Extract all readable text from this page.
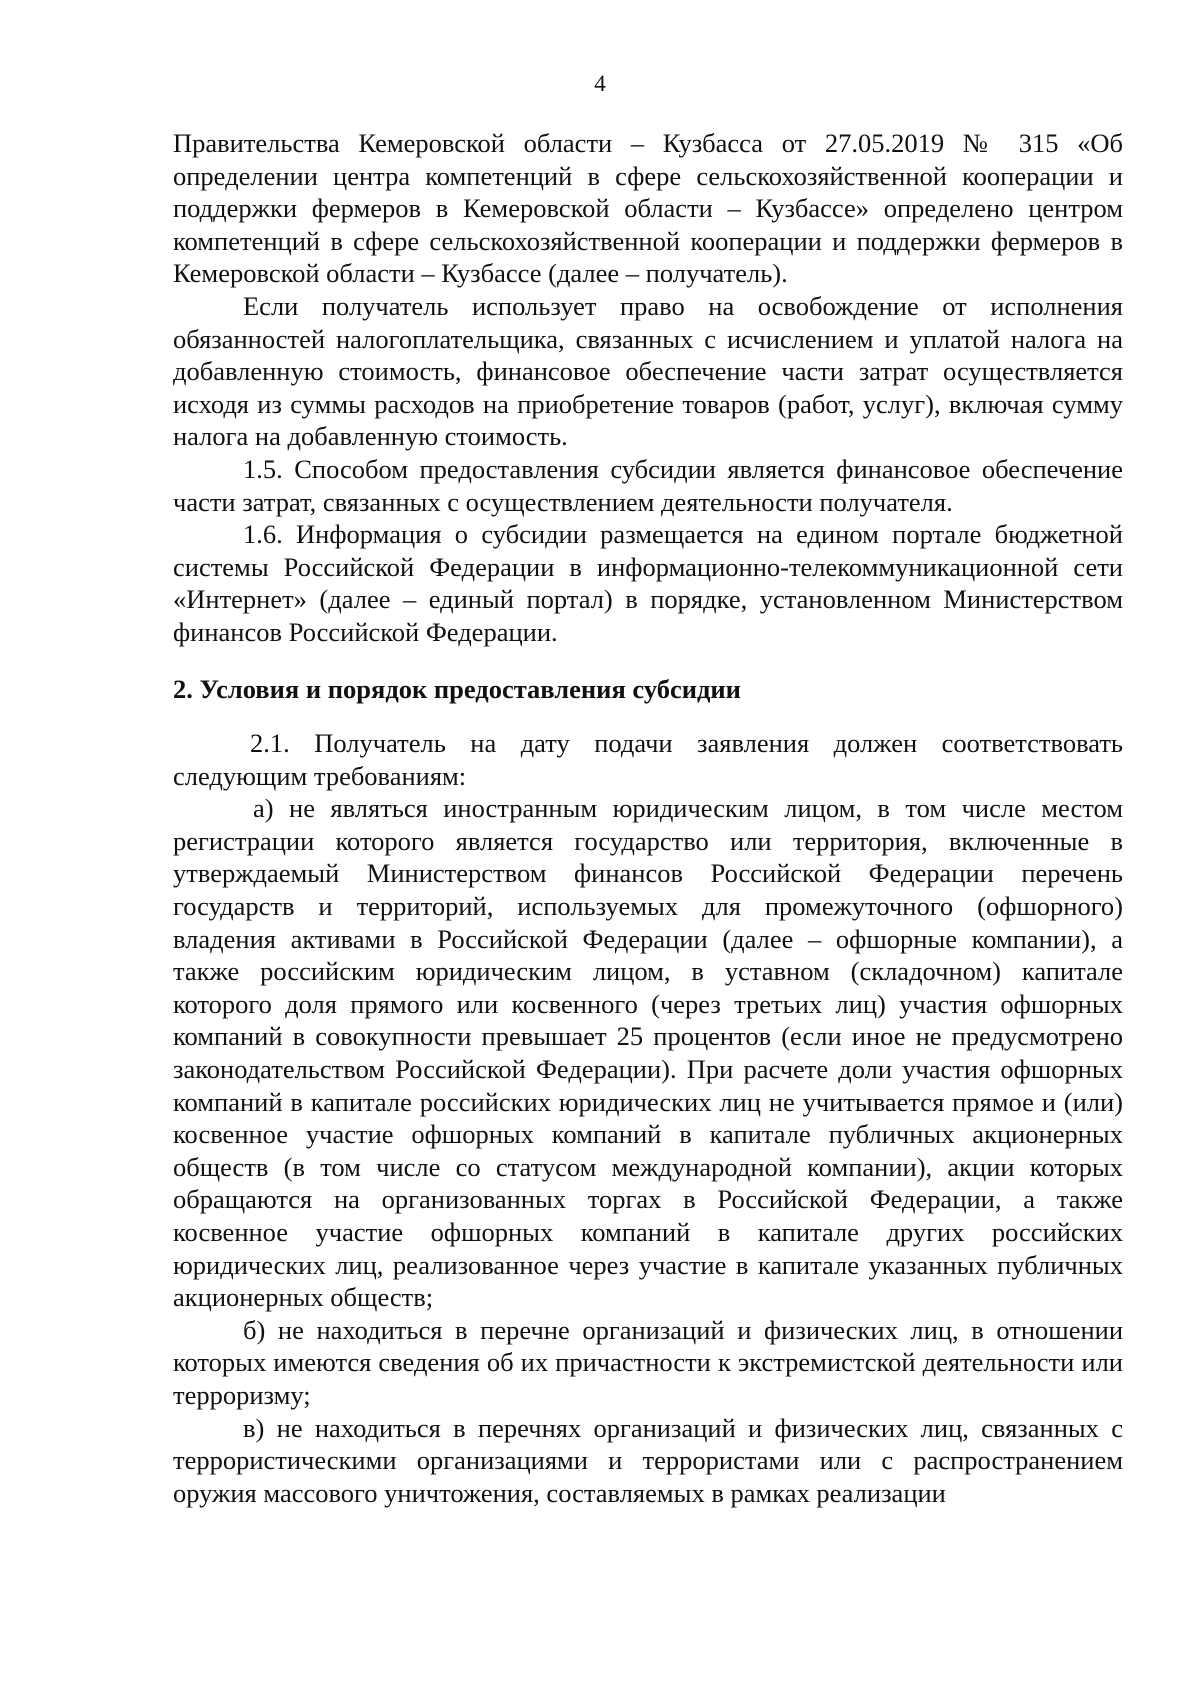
4

Правительства Кемеровской области – Кузбасса от 27.05.2019 № 315 «Об определении центра компетенций в сфере сельскохозяйственной кооперации и поддержки фермеров в Кемеровской области – Кузбассе» определено центром компетенций в сфере сельскохозяйственной кооперации и поддержки фермеров в Кемеровской области – Кузбассе (далее – получатель).

Если получатель использует право на освобождение от исполнения обязанностей налогоплательщика, связанных с исчислением и уплатой налога на добавленную стоимость, финансовое обеспечение части затрат осуществляется исходя из суммы расходов на приобретение товаров (работ, услуг), включая сумму налога на добавленную стоимость.

1.5. Способом предоставления субсидии является финансовое обеспечение части затрат, связанных с осуществлением деятельности получателя.

1.6. Информация о субсидии размещается на едином портале бюджетной системы Российской Федерации в информационно-телекоммуникационной сети «Интернет» (далее – единый портал) в порядке, установленном Министерством финансов Российской Федерации.

2. Условия и порядок предоставления субсидии

2.1. Получатель на дату подачи заявления должен соответствовать следующим требованиям:

а) не являться иностранным юридическим лицом, в том числе местом регистрации которого является государство или территория, включенные в утверждаемый Министерством финансов Российской Федерации перечень государств и территорий, используемых для промежуточного (офшорного) владения активами в Российской Федерации (далее – офшорные компании), а также российским юридическим лицом, в уставном (складочном) капитале которого доля прямого или косвенного (через третьих лиц) участия офшорных компаний в совокупности превышает 25 процентов (если иное не предусмотрено законодательством Российской Федерации). При расчете доли участия офшорных компаний в капитале российских юридических лиц не учитывается прямое и (или) косвенное участие офшорных компаний в капитале публичных акционерных обществ (в том числе со статусом международной компании), акции которых обращаются на организованных торгах в Российской Федерации, а также косвенное участие офшорных компаний в капитале других российских юридических лиц, реализованное через участие в капитале указанных публичных акционерных обществ;

б) не находиться в перечне организаций и физических лиц, в отношении которых имеются сведения об их причастности к экстремистской деятельности или терроризму;

в) не находиться в перечнях организаций и физических лиц, связанных с террористическими организациями и террористами или с распространением оружия массового уничтожения, составляемых в рамках реализации
